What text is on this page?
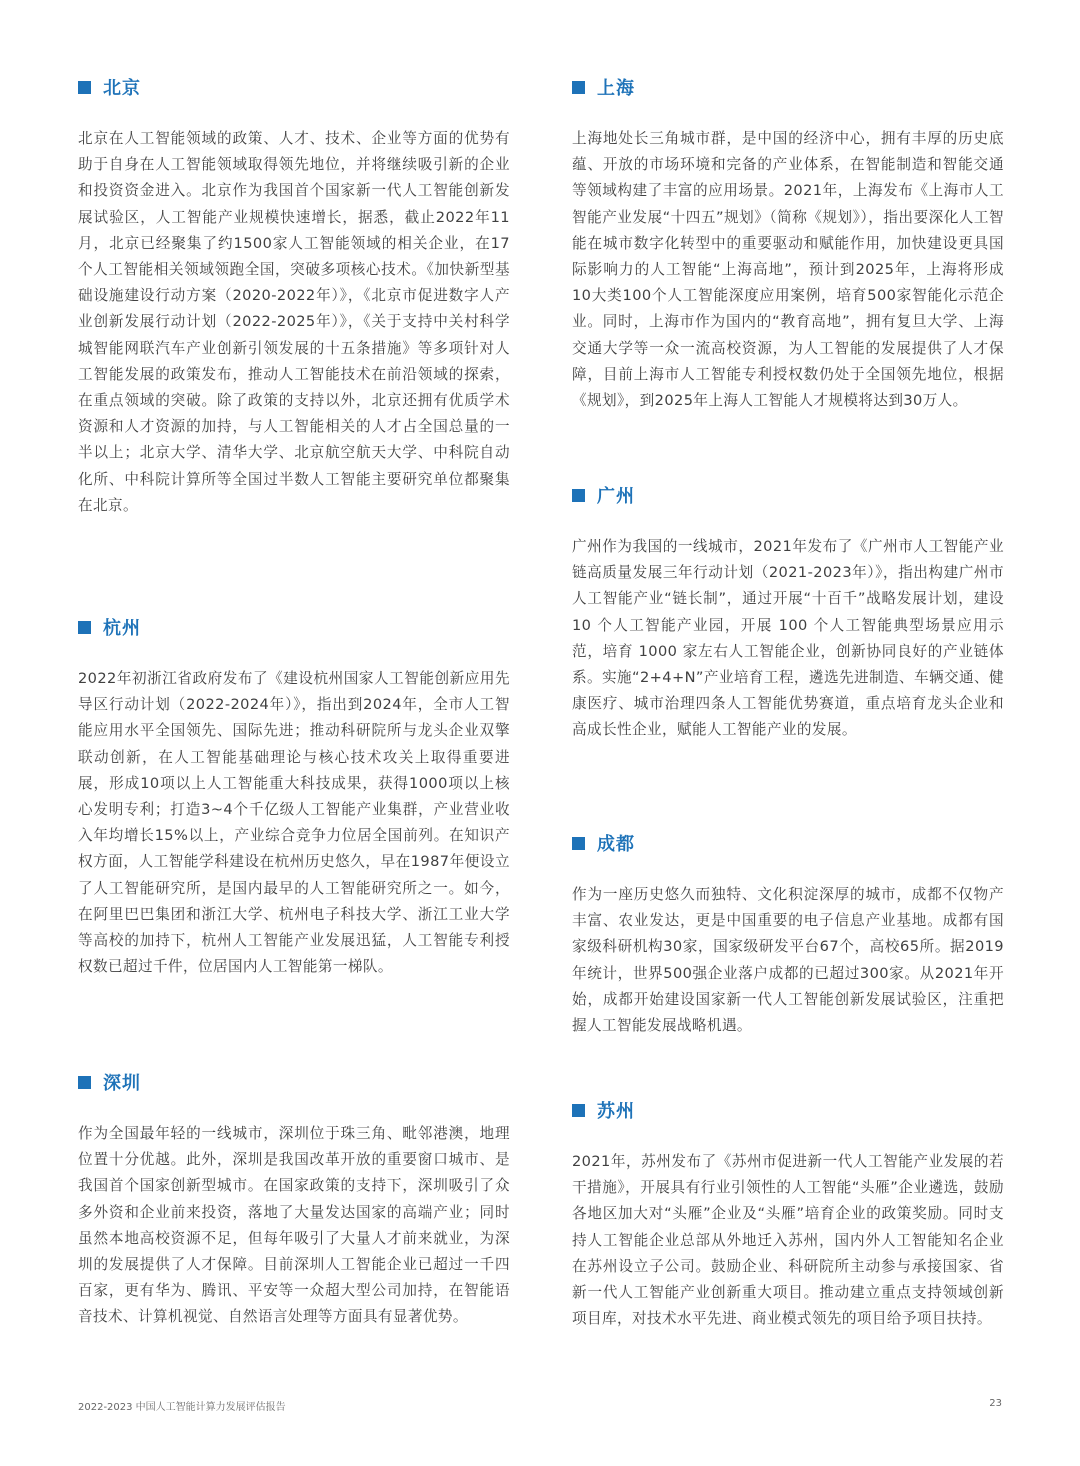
北京
北京在人工智能领域的政策、人才、技术、企业等方面的优势有助于自身在人工智能领域取得领先地位，并将继续吸引新的企业和投资资金进入。北京作为我国首个国家新一代人工智能创新发展试验区，人工智能产业规模快速增长，据悉，截止2022年11月，北京已经聚集了约1500家人工智能领域的相关企业，在17个人工智能相关领域领跑全国，突破多项核心技术。《加快新型基础设施建设行动方案（2020-2022年）》，《北京市促进数字人产业创新发展行动计划（2022-2025年）》，《关于支持中关村科学城智能网联汽车产业创新引领发展的十五条措施》等多项针对人工智能发展的政策发布，推动人工智能技术在前沿领域的探索，在重点领域的突破。除了政策的支持以外，北京还拥有优质学术资源和人才资源的加持，与人工智能相关的人才占全国总量的一半以上；北京大学、清华大学、北京航空航天大学、中科院自动化所、中科院计算所等全国过半数人工智能主要研究单位都聚集在北京。
杭州
2022年初浙江省政府发布了《建设杭州国家人工智能创新应用先导区行动计划（2022-2024年）》，指出到2024年，全市人工智能应用水平全国领先、国际先进；推动科研院所与龙头企业双擎联动创新，在人工智能基础理论与核心技术攻关上取得重要进展，形成10项以上人工智能重大科技成果，获得1000项以上核心发明专利；打造3~4个千亿级人工智能产业集群，产业营业收入年均增长15%以上，产业综合竞争力位居全国前列。在知识产权方面，人工智能学科建设在杭州历史悠久，早在1987年便设立了人工智能研究所，是国内最早的人工智能研究所之一。如今，在阿里巴巴集团和浙江大学、杭州电子科技大学、浙江工业大学等高校的加持下，杭州人工智能产业发展迅猛，人工智能专利授权数已超过千件，位居国内人工智能第一梯队。
深圳
作为全国最年轻的一线城市，深圳位于珠三角、毗邻港澳，地理位置十分优越。此外，深圳是我国改革开放的重要窗口城市、是我国首个国家创新型城市。在国家政策的支持下，深圳吸引了众多外资和企业前来投资，落地了大量发达国家的高端产业；同时虽然本地高校资源不足，但每年吸引了大量人才前来就业，为深圳的发展提供了人才保障。目前深圳人工智能企业已超过一千四百家，更有华为、腾讯、平安等一众超大型公司加持，在智能语音技术、计算机视觉、自然语言处理等方面具有显著优势。
上海
上海地处长三角城市群，是中国的经济中心，拥有丰厚的历史底蕴、开放的市场环境和完备的产业体系，在智能制造和智能交通等领域构建了丰富的应用场景。2021年，上海发布《上海市人工智能产业发展“十四五”规划》（简称《规划》），指出要深化人工智能在城市数字化转型中的重要驱动和赋能作用，加快建设更具国际影响力的人工智能“上海高地”，预计到2025年，上海将形成10大类100个人工智能深度应用案例，培育500家智能化示范企业。同时，上海市作为国内的“教育高地”，拥有复旦大学、上海交通大学等一众一流高校资源，为人工智能的发展提供了人才保障，目前上海市人工智能专利授权数仍处于全国领先地位，根据《规划》，到2025年上海人工智能人才规模将达到30万人。
广州
广州作为我国的一线城市，2021年发布了《广州市人工智能产业链高质量发展三年行动计划（2021-2023年）》，指出构建广州市人工智能产业“链长制”，通过开展“十百千”战略发展计划，建设 10 个人工智能产业园，开展 100 个人工智能典型场景应用示范，培育 1000 家左右人工智能企业，创新协同良好的产业链体系。实施“2+4+N”产业培育工程，遴选先进制造、车辆交通、健康医疗、城市治理四条人工智能优势赛道，重点培育龙头企业和高成长性企业，赋能人工智能产业的发展。
成都
作为一座历史悠久而独特、文化积淀深厚的城市，成都不仅物产丰富、农业发达，更是中国重要的电子信息产业基地。成都有国家级科研机构30家，国家级研发平台67个，高校65所。据2019年统计，世界500强企业落户成都的已超过300家。从2021年开始，成都开始建设国家新一代人工智能创新发展试验区，注重把握人工智能发展战略机遇。
苏州
2021年，苏州发布了《苏州市促进新一代人工智能产业发展的若干措施》，开展具有行业引领性的人工智能“头雁”企业遴选，鼓励各地区加大对“头雁”企业及“头雁”培育企业的政策奖励。同时支持人工智能企业总部从外地迁入苏州，国内外人工智能知名企业在苏州设立子公司。鼓励企业、科研院所主动参与承接国家、省新一代人工智能产业创新重大项目。推动建立重点支持领域创新项目库，对技术水平先进、商业模式领先的项目给予项目扶持。
2022-2023 中国人工智能计算力发展评估报告	23
